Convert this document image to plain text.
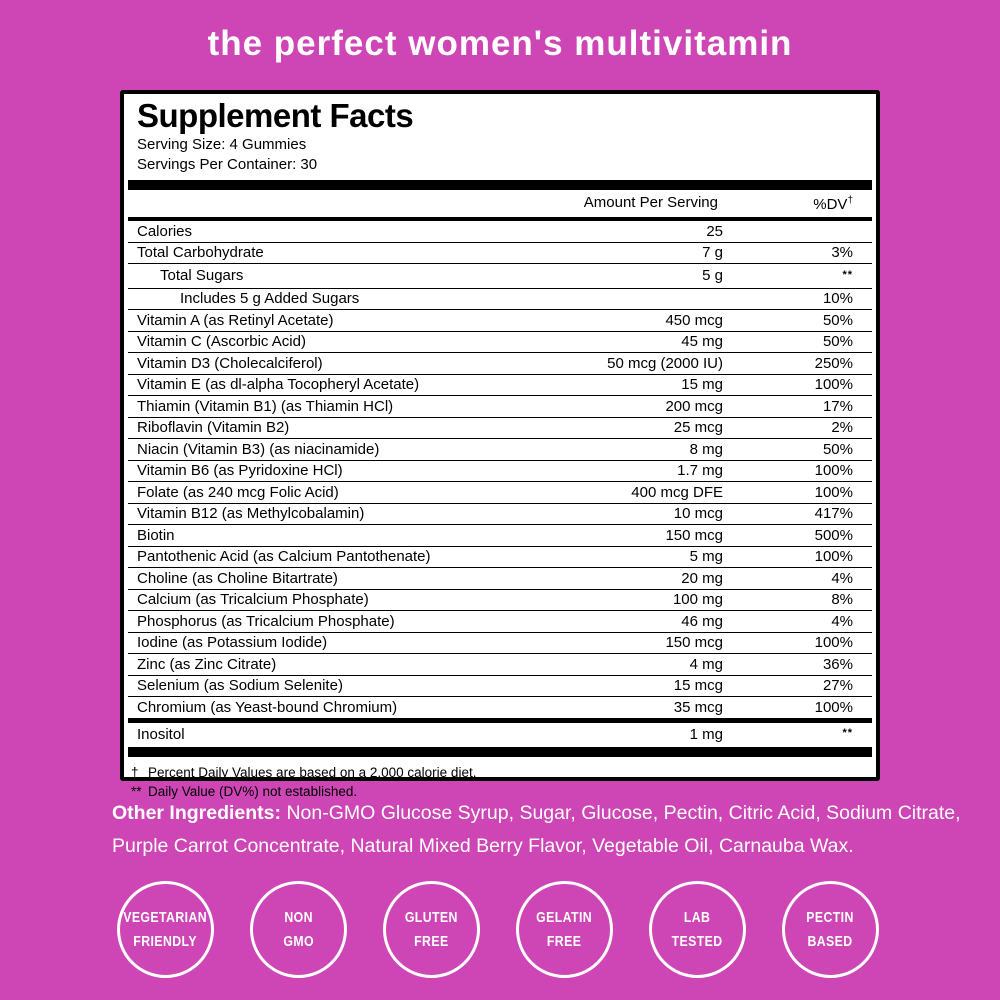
the perfect women's multivitamin
Supplement Facts
Serving Size: 4 Gummies
Servings Per Container: 30
	Amount Per Serving	%DV†
Calories	25	
Total Carbohydrate	7 g	3%
Total Sugars	5 g	**
Includes 5 g Added Sugars		10%
Vitamin A (as Retinyl Acetate)	450 mcg	50%
Vitamin C (Ascorbic Acid)	45 mg	50%
Vitamin D3 (Cholecalciferol)	50 mcg (2000 IU)	250%
Vitamin E (as dl-alpha Tocopheryl Acetate)	15 mg	100%
Thiamin (Vitamin B1) (as Thiamin HCl)	200 mcg	17%
Riboflavin (Vitamin B2)	25 mcg	2%
Niacin (Vitamin B3) (as niacinamide)	8 mg	50%
Vitamin B6 (as Pyridoxine HCl)	1.7 mg	100%
Folate (as 240 mcg Folic Acid)	400 mcg DFE	100%
Vitamin B12 (as Methylcobalamin)	10 mcg	417%
Biotin	150 mcg	500%
Pantothenic Acid (as Calcium Pantothenate)	5 mg	100%
Choline (as Choline Bitartrate)	20 mg	4%
Calcium (as Tricalcium Phosphate)	100 mg	8%
Phosphorus (as Tricalcium Phosphate)	46 mg	4%
Iodine (as Potassium Iodide)	150 mcg	100%
Zinc (as Zinc Citrate)	4 mg	36%
Selenium (as Sodium Selenite)	15 mcg	27%
Chromium (as Yeast-bound Chromium)	35 mcg	100%
Inositol	1 mg	**
† Percent Daily Values are based on a 2,000 calorie diet.
** Daily Value (DV%) not established.

Other Ingredients: Non-GMO Glucose Syrup, Sugar, Glucose, Pectin, Citric Acid, Sodium Citrate,
Purple Carrot Concentrate, Natural Mixed Berry Flavor, Vegetable Oil, Carnauba Wax.

VEGETARIAN
FRIENDLY
NON
GMO
GLUTEN
FREE
GELATIN
FREE
LAB
TESTED
PECTIN
BASED
